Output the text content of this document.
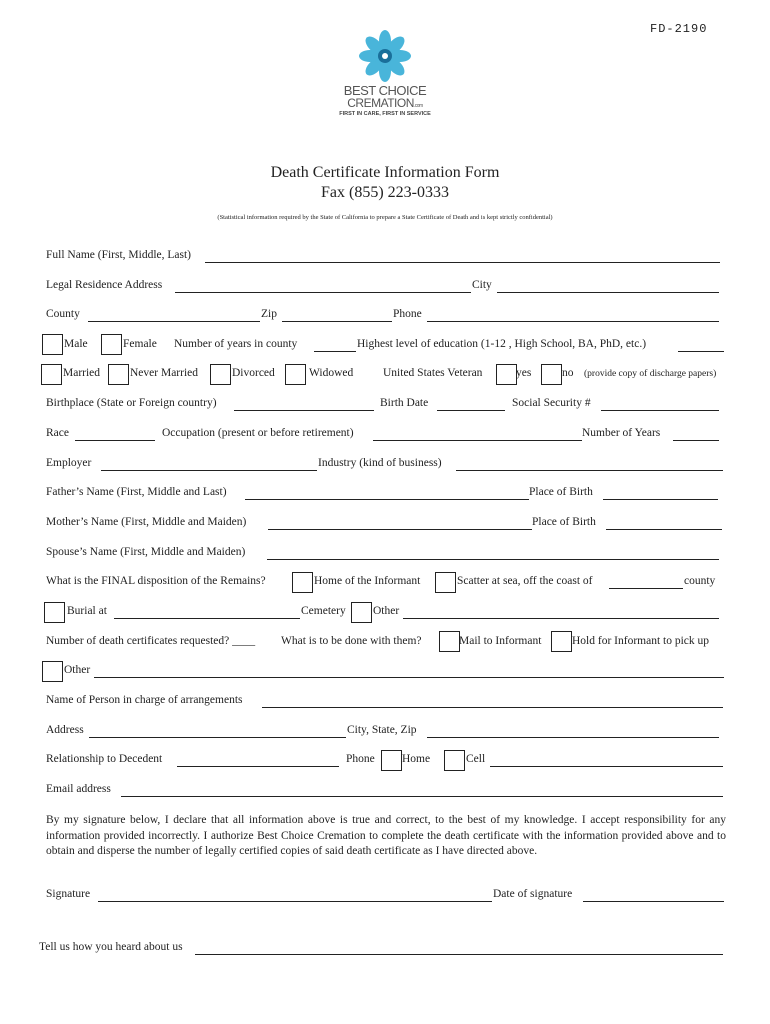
FD-2190
BEST CHOICE
CREMATION.com
FIRST IN CARE, FIRST IN SERVICE
Death Certificate Information Form
Fax (855) 223-0333
(Statistical information required by the State of California to prepare a State Certificate of Death and is kept strictly confidential)
Full Name (First, Middle, Last)
Legal Residence Address	City
County	Zip	Phone
Male	Female Number of years in county	Highest level of education (1-12 , High School, BA, PhD, etc.)
Married	Never Married	Divorced	Widowed	United States Veteran	yes	no (provide copy of discharge papers)
Birthplace (State or Foreign country)	Birth Date	Social Security #
Race	Occupation (present or before retirement)	Number of Years
Employer	Industry (kind of business)
Father’s Name (First, Middle and Last)	Place of Birth
Mother’s Name (First, Middle and Maiden)	Place of Birth
Spouse’s Name (First, Middle and Maiden)
What is the FINAL disposition of the Remains?	Home of the Informant	Scatter at sea, off the coast of	county
Burial at	Cemetery Other
Number of death certificates requested? ____ What is to be done with them?	Mail to Informant	Hold for Informant to pick up
Other
Name of Person in charge of arrangements
Address	City, State, Zip
Relationship to Decedent	Phone Home	Cell
Email address
By my signature below, I declare that all information above is true and correct, to the best of my knowledge. I accept responsibility for any information provided incorrectly. I authorize Best Choice Cremation to complete the death certificate with the information provided above and to obtain and disperse the number of legally certified copies of said death certificate as I have directed above.
Signature	Date of signature
Tell us how you heard about us
